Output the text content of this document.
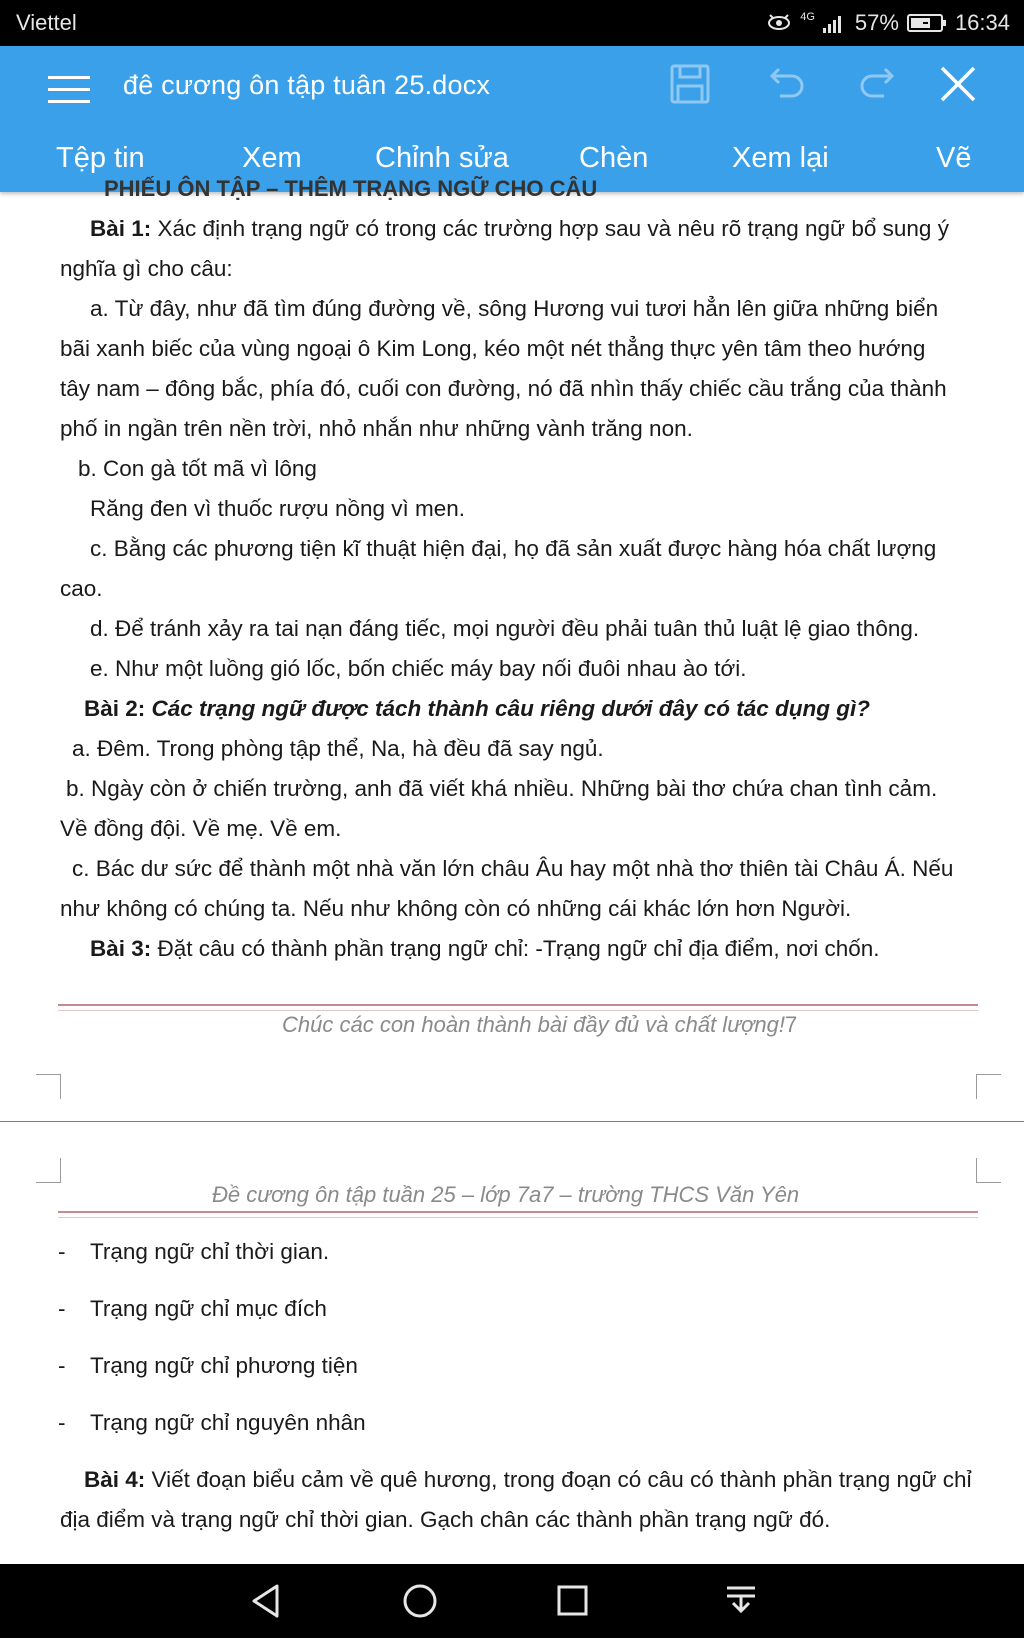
Viettel	4G 57%	16:34
đê cương ôn tập tuân 25.docx
Tệp tin	Xem	Chỉnh sửa Chèn	Xem lại	Vẽ
PHIẾU ÔN TẬP – THÊM TRẠNG NGỮ CHO CÂU
Bài 1: Xác định trạng ngữ có trong các trường hợp sau và nêu rõ trạng ngữ bổ sung ý
nghĩa gì cho câu:
a. Từ đây, như đã tìm đúng đường về, sông Hương vui tươi hẳn lên giữa những biển
bãi xanh biếc của vùng ngoại ô Kim Long, kéo một nét thẳng thực yên tâm theo hướng
tây nam – đông bắc, phía đó, cuối con đường, nó đã nhìn thấy chiếc cầu trắng của thành
phố in ngần trên nền trời, nhỏ nhắn như những vành trăng non.
b. Con gà tốt mã vì lông
Răng đen vì thuốc rượu nồng vì men.
c. Bằng các phương tiện kĩ thuật hiện đại, họ đã sản xuất được hàng hóa chất lượng
cao.
d. Để tránh xảy ra tai nạn đáng tiếc, mọi người đều phải tuân thủ luật lệ giao thông.
e. Như một luồng gió lốc, bốn chiếc máy bay nối đuôi nhau ào tới.
Bài 2: Các trạng ngữ được tách thành câu riêng dưới đây có tác dụng gì?
a. Đêm. Trong phòng tập thể, Na, hà đều đã say ngủ.
b. Ngày còn ở chiến trường, anh đã viết khá nhiều. Những bài thơ chứa chan tình cảm.
Về đồng đội. Về mẹ. Về em.
c. Bác dư sức để thành một nhà văn lớn châu Âu hay một nhà thơ thiên tài Châu Á. Nếu
như không có chúng ta. Nếu như không còn có những cái khác lớn hơn Người.
Bài 3: Đặt câu có thành phần trạng ngữ chỉ: -Trạng ngữ chỉ địa điểm, nơi chốn.
Chúc các con hoàn thành bài đầy đủ và chất lượng!7
Đề cương ôn tập tuần 25 – lớp 7a7 – trường THCS Văn Yên
- Trạng ngữ chỉ thời gian.
- Trạng ngữ chỉ mục đích
- Trạng ngữ chỉ phương tiện
- Trạng ngữ chỉ nguyên nhân
Bài 4: Viết đoạn biểu cảm về quê hương, trong đoạn có câu có thành phần trạng ngữ chỉ
địa điểm và trạng ngữ chỉ thời gian. Gạch chân các thành phần trạng ngữ đó.
